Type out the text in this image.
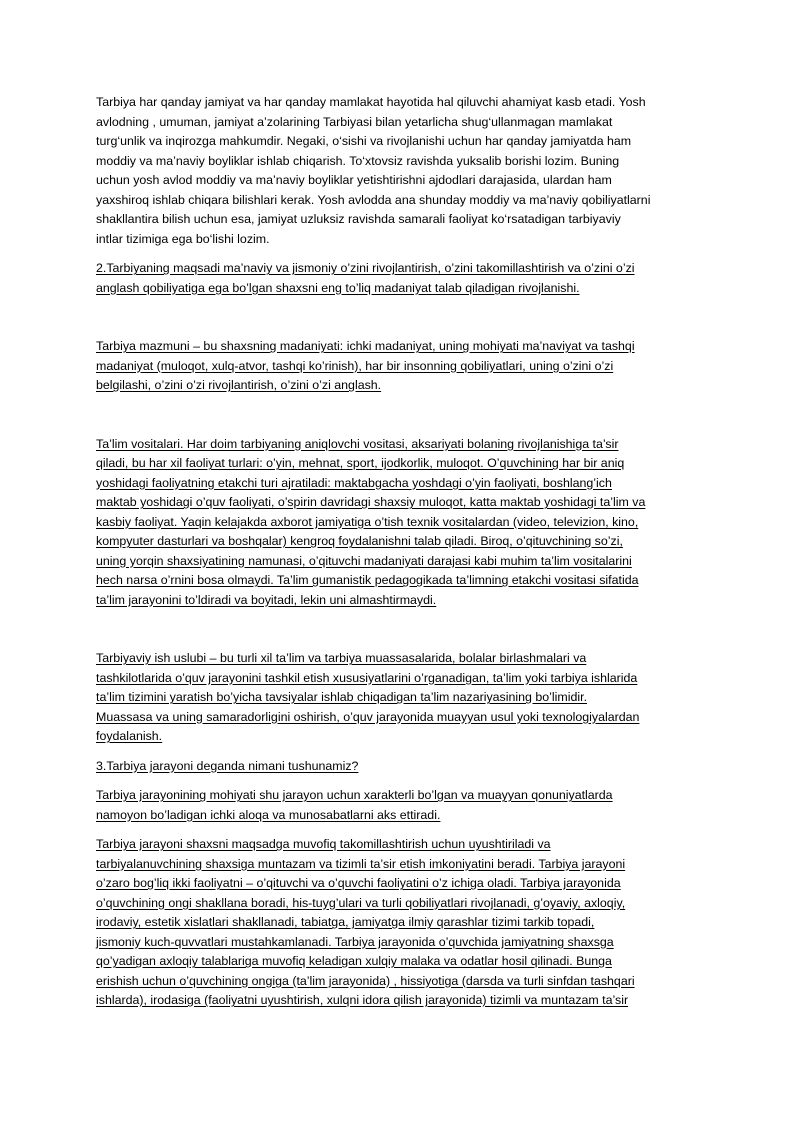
Tarbiya har qanday jamiyat va har qanday mamlakat hayotida hal qiluvchi ahamiyat kasb etadi. Yosh
avlodning , umuman, jamiyat a’zolarining Tarbiyasi bilan yetarlicha shug‘ullanmagan mamlakat
turg‘unlik va inqirozga mahkumdir. Negaki, o‘sishi va rivojlanishi uchun har qanday jamiyatda ham
moddiy va ma’naviy boyliklar ishlab chiqarish. To‘xtovsiz ravishda yuksalib borishi lozim. Buning
uchun yosh avlod moddiy va ma’naviy boyliklar yetishtirishni ajdodlari darajasida, ulardan ham
yaxshiroq ishlab chiqara bilishlari kerak. Yosh avlodda ana shunday moddiy va ma’naviy qobiliyatlarni
shakllantira bilish uchun esa, jamiyat uzluksiz ravishda samarali faoliyat ko‘rsatadigan tarbiyaviy
intlar tizimiga ega bo‘lishi lozim.

2.Tarbiyaning maqsadi ma’naviy va jismoniy o’zini rivojlantirish, o’zini takomillashtirish va o’zini o’zi
anglash qobiliyatiga ega bo’lgan shaxsni eng to’liq madaniyat talab qiladigan rivojlanishi.

Tarbiya mazmuni – bu shaxsning madaniyati: ichki madaniyat, uning mohiyati ma’naviyat va tashqi
madaniyat (muloqot, xulq-atvor, tashqi ko’rinish), har bir insonning qobiliyatlari, uning o’zini o’zi
belgilashi, o’zini o’zi rivojlantirish, o’zini o’zi anglash.

Ta’lim vositalari. Har doim tarbiyaning aniqlovchi vositasi, aksariyati bolaning rivojlanishiga ta’sir
qiladi, bu har xil faoliyat turlari: o’yin, mehnat, sport, ijodkorlik, muloqot. O’quvchining har bir aniq
yoshidagi faoliyatning etakchi turi ajratiladi: maktabgacha yoshdagi o’yin faoliyati, boshlang’ich
maktab yoshidagi o’quv faoliyati, o’spirin davridagi shaxsiy muloqot, katta maktab yoshidagi ta’lim va
kasbiy faoliyat. Yaqin kelajakda axborot jamiyatiga o’tish texnik vositalardan (video, televizion, kino,
kompyuter dasturlari va boshqalar) kengroq foydalanishni talab qiladi. Biroq, o’qituvchining so’zi,
uning yorqin shaxsiyatining namunasi, o’qituvchi madaniyati darajasi kabi muhim ta’lim vositalarini
hech narsa o’rnini bosa olmaydi. Ta’lim gumanistik pedagogikada ta’limning etakchi vositasi sifatida
ta’lim jarayonini to’ldiradi va boyitadi, lekin uni almashtirmaydi.

Tarbiyaviy ish uslubi – bu turli xil ta’lim va tarbiya muassasalarida, bolalar birlashmalari va
tashkilotlarida o’quv jarayonini tashkil etish xususiyatlarini o’rganadigan, ta’lim yoki tarbiya ishlarida
ta’lim tizimini yaratish bo’yicha tavsiyalar ishlab chiqadigan ta’lim nazariyasining bo’limidir.
Muassasa va uning samaradorligini oshirish, o’quv jarayonida muayyan usul yoki texnologiyalardan
foydalanish.

3.Tarbiya jarayoni deganda nimani tushunamiz?

Tarbiya jarayonining mohiyati shu jarayon uchun xarakterli bo’lgan va muayyan qonuniyatlarda
namoyon bo’ladigan ichki aloqa va munosabatlarni aks ettiradi.

Tarbiya jarayoni shaxsni maqsadga muvofiq takomillashtirish uchun uyushtiriladi va
tarbiyalanuvchining shaxsiga muntazam va tizimli ta’sir etish imkoniyatini beradi. Tarbiya jarayoni
o’zaro bog’liq ikki faoliyatni – o’qituvchi va o’quvchi faoliyatini o’z ichiga oladi. Tarbiya jarayonida
o’quvchining ongi shakllana boradi, his-tuyg’ulari va turli qobiliyatlari rivojlanadi, g’oyaviy, axloqiy,
irodaviy, estetik xislatlari shakllanadi, tabiatga, jamiyatga ilmiy qarashlar tizimi tarkib topadi,
jismoniy kuch-quvvatlari mustahkamlanadi. Tarbiya jarayonida o’quvchida jamiyatning shaxsga
qo’yadigan axloqiy talablariga muvofiq keladigan xulqiy malaka va odatlar hosil qilinadi. Bunga
erishish uchun o’quvchining ongiga (ta’lim jarayonida) , hissiyotiga (darsda va turli sinfdan tashqari
ishlarda), irodasiga (faoliyatni uyushtirish, xulqni idora qilish jarayonida) tizimli va muntazam ta’sir
